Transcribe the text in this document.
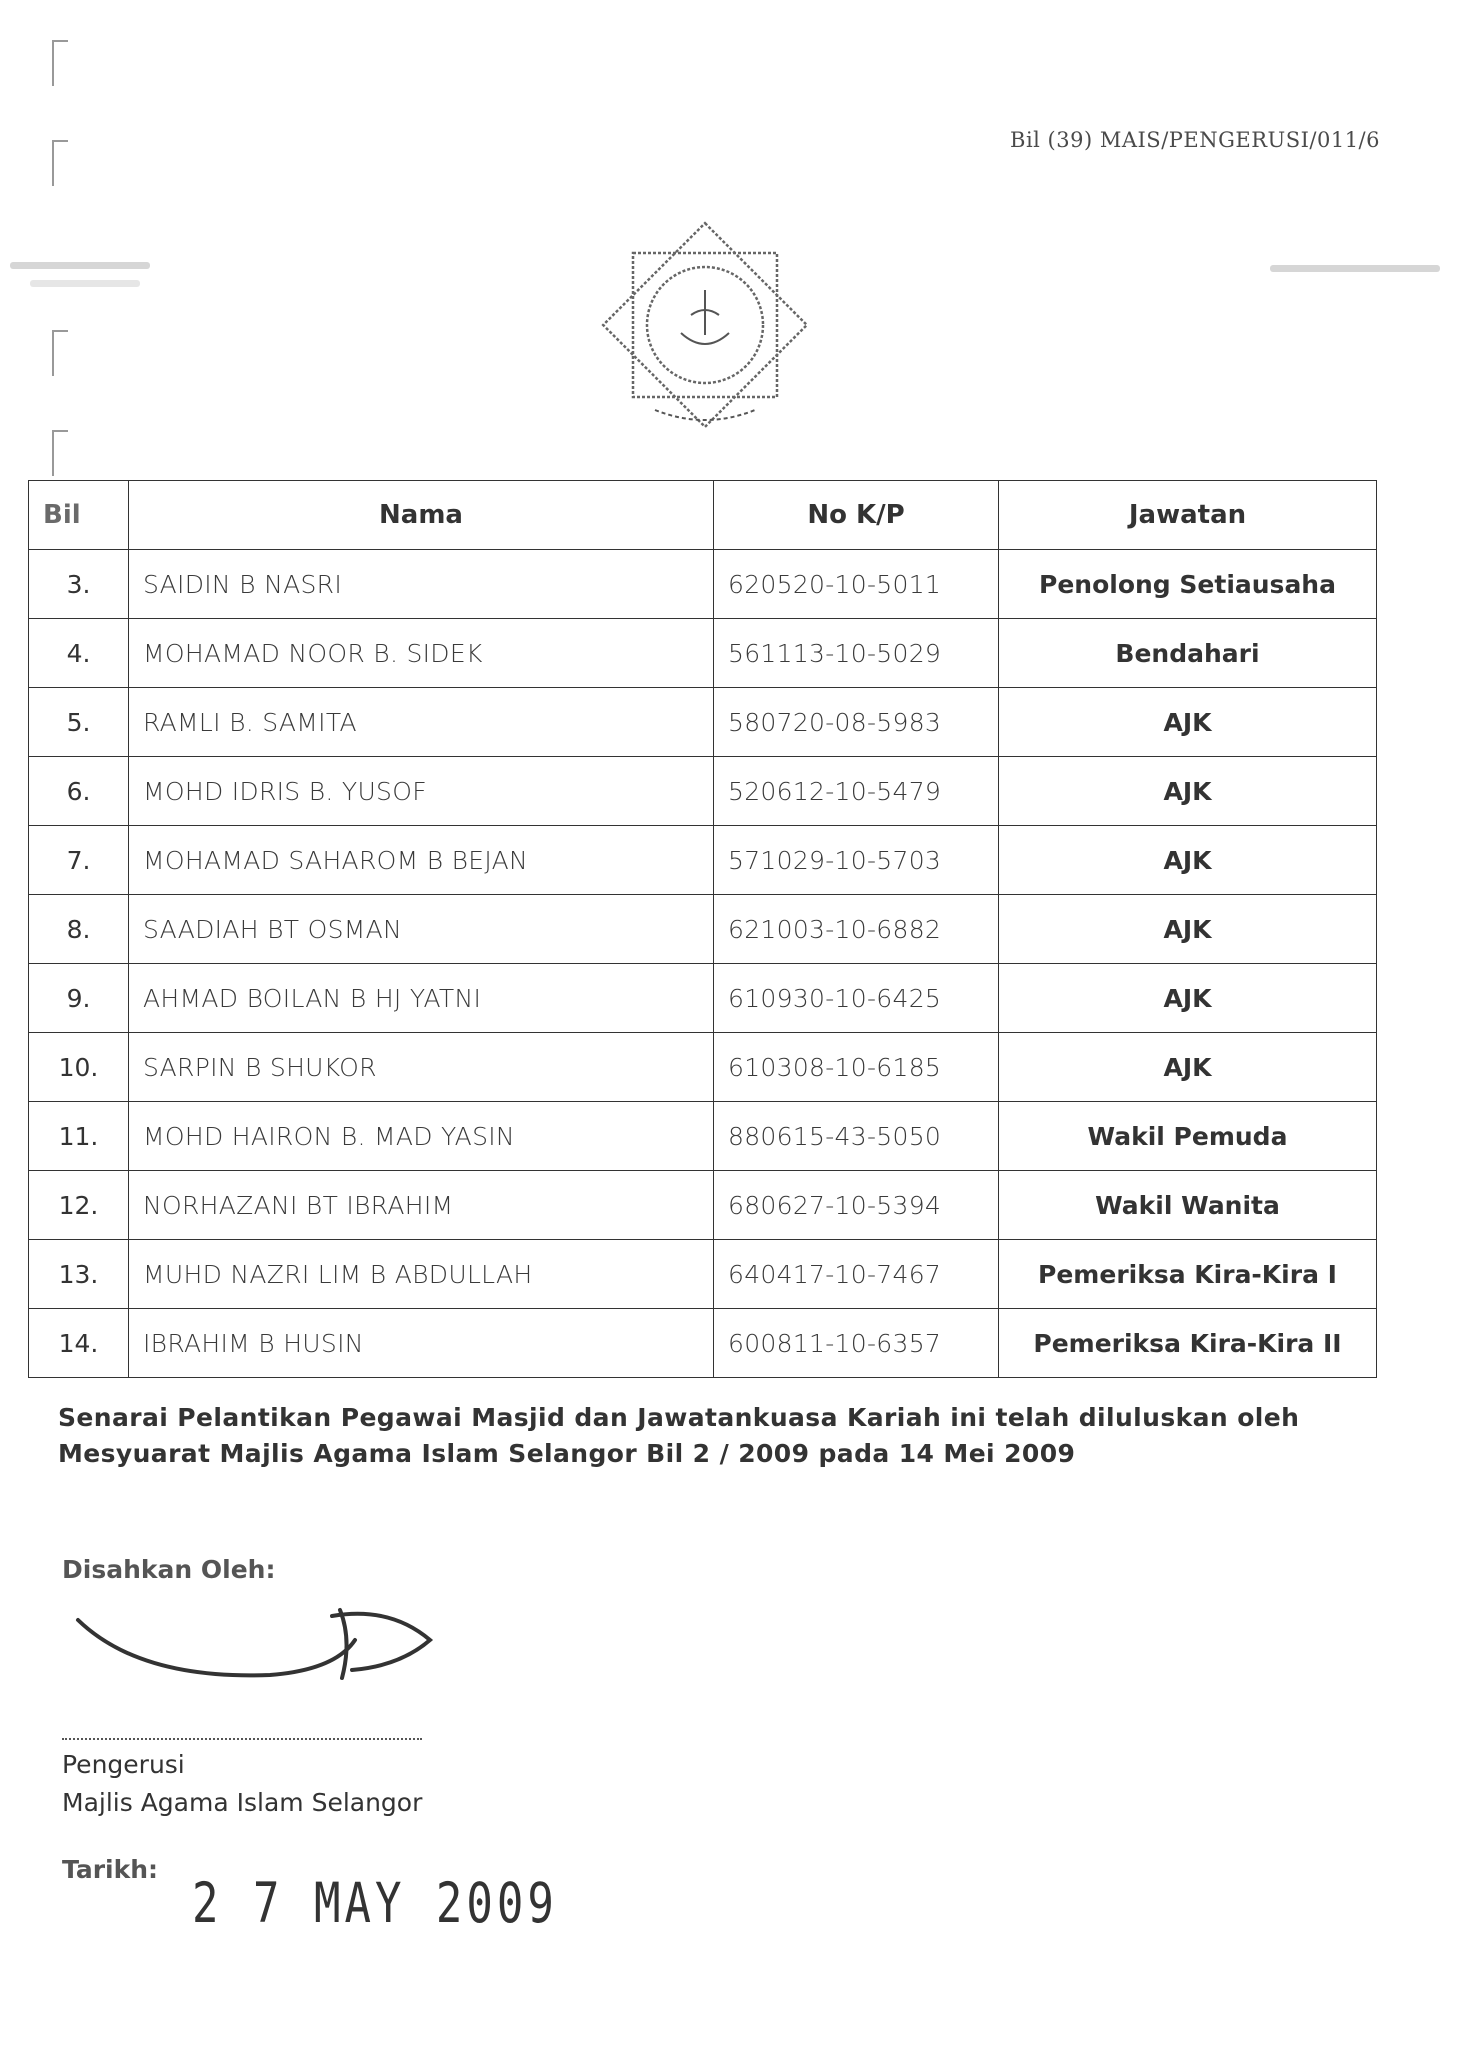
Bil (39) MAIS/PENGERUSI/011/6
Bil	Nama	No K/P	Jawatan
3.	SAIDIN B NASRI	620520-10-5011	Penolong Setiausaha
4.	MOHAMAD NOOR B. SIDEK	561113-10-5029	Bendahari
5.	RAMLI B. SAMITA	580720-08-5983	AJK
6.	MOHD IDRIS B. YUSOF	520612-10-5479	AJK
7.	MOHAMAD SAHAROM B BEJAN	571029-10-5703	AJK
8.	SAADIAH BT OSMAN	621003-10-6882	AJK
9.	AHMAD BOILAN B HJ YATNI	610930-10-6425	AJK
10.	SARPIN B SHUKOR	610308-10-6185	AJK
11.	MOHD HAIRON B. MAD YASIN	880615-43-5050	Wakil Pemuda
12.	NORHAZANI BT IBRAHIM	680627-10-5394	Wakil Wanita
13.	MUHD NAZRI LIM B ABDULLAH	640417-10-7467	Pemeriksa Kira-Kira I
14.	IBRAHIM B HUSIN	600811-10-6357	Pemeriksa Kira-Kira II
Senarai Pelantikan Pegawai Masjid dan Jawatankuasa Kariah ini telah diluluskan oleh
Mesyuarat Majlis Agama Islam Selangor Bil 2 / 2009 pada 14 Mei 2009
Disahkan Oleh:
Pengerusi
Majlis Agama Islam Selangor
Tarikh:
2 7 MAY 2009
